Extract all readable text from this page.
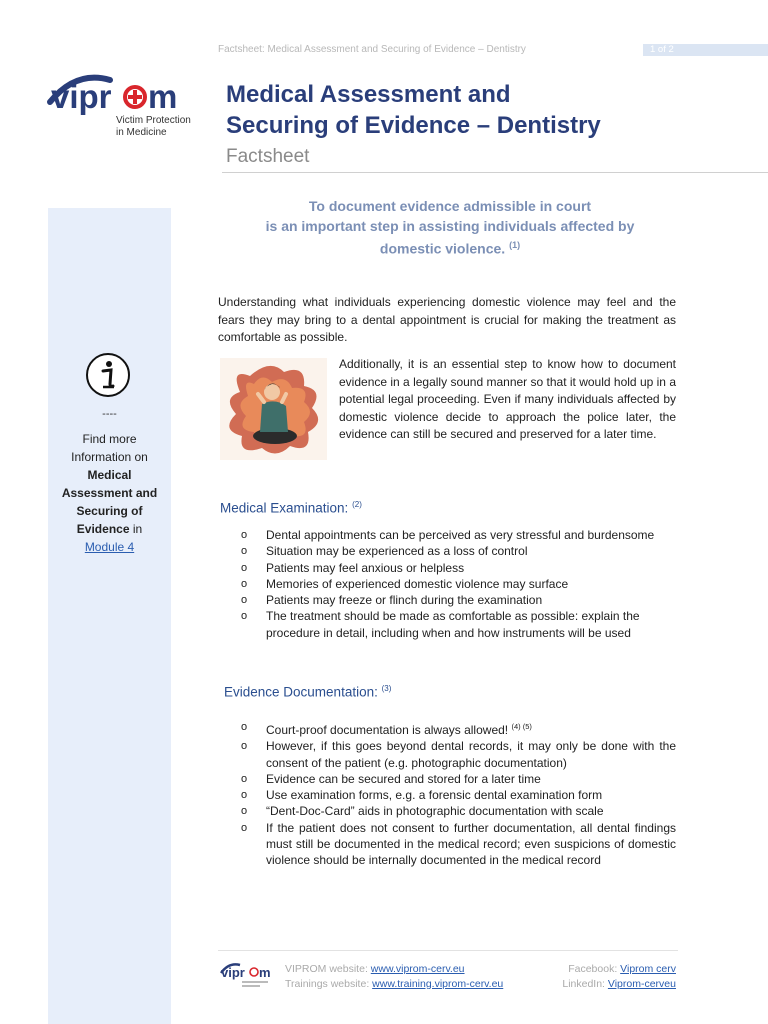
Factsheet: Medical Assessment and Securing of Evidence – Dentistry	1 of 2
vipr m
Victim Protection
in Medicine
Medical Assessment and
Securing of Evidence – Dentistry
Factsheet
----
Find more
Information on
Medical
Assessment and
Securing of
Evidence in
Module 4
To document evidence admissible in court
is an important step in assisting individuals affected by
domestic violence. $^{(1)}$
Understanding what individuals experiencing domestic violence may feel and the fears they may bring to a dental appointment is crucial for making the treatment as comfortable as possible.
Additionally, it is an essential step to know how to document evidence in a legally sound manner so that it would hold up in a potential legal proceeding. Even if many individuals affected by domestic violence decide to approach the police later, the evidence can still be secured and preserved for a later time.
Medical Examination: $^{(2)}$
o Dental appointments can be perceived as very stressful and burdensome
o Situation may be experienced as a loss of control
o Patients may feel anxious or helpless
o Memories of experienced domestic violence may surface
o Patients may freeze or flinch during the examination
o The treatment should be made as comfortable as possible: explain the procedure in detail, including when and how instruments will be used
Evidence Documentation: $^{(3)}$
o Court-proof documentation is always allowed! $^{(4) (5)}$
o However, if this goes beyond dental records, it may only be done with the consent of the patient (e.g. photographic documentation)
o Evidence can be secured and stored for a later time
o Use examination forms, e.g. a forensic dental examination form
o “Dent-Doc-Card” aids in photographic documentation with scale
o If the patient does not consent to further documentation, all dental findings must still be documented in the medical record; even suspicions of domestic violence should be internally documented in the medical record
vipr m VIPROM website: www.viprom-cerv.eu
Trainings website: www.training.viprom-cerv.eu
Facebook: Viprom cerv
LinkedIn: Viprom-cerveu
